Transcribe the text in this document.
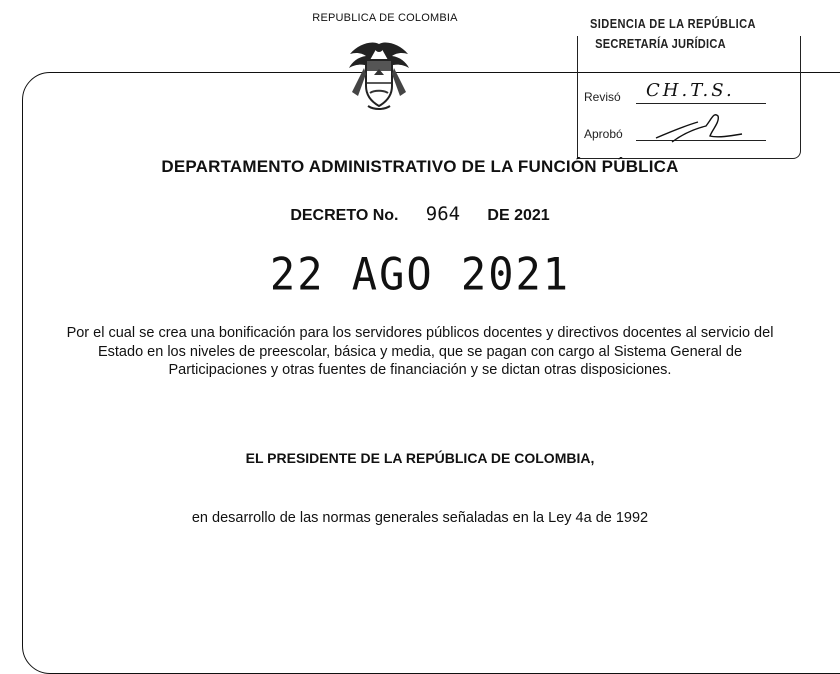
REPUBLICA DE COLOMBIA	SIDENCIA DE LA REPÚBLICA
SECRETARÍA JURÍDICA
Revisó	CH.T.S.
Aprobó
DEPARTAMENTO ADMINISTRATIVO DE LA FUNCIÓN PÚBLICA
DECRETO No. 964 DE 2021
22 AGO 2021
Por el cual se crea una bonificación para los servidores públicos docentes y directivos docentes al servicio del Estado en los niveles de preescolar, básica y media, que se pagan con cargo al Sistema General de Participaciones y otras fuentes de financiación y se dictan otras disposiciones.
EL PRESIDENTE DE LA REPÚBLICA DE COLOMBIA,
en desarrollo de las normas generales señaladas en la Ley 4a de 1992
